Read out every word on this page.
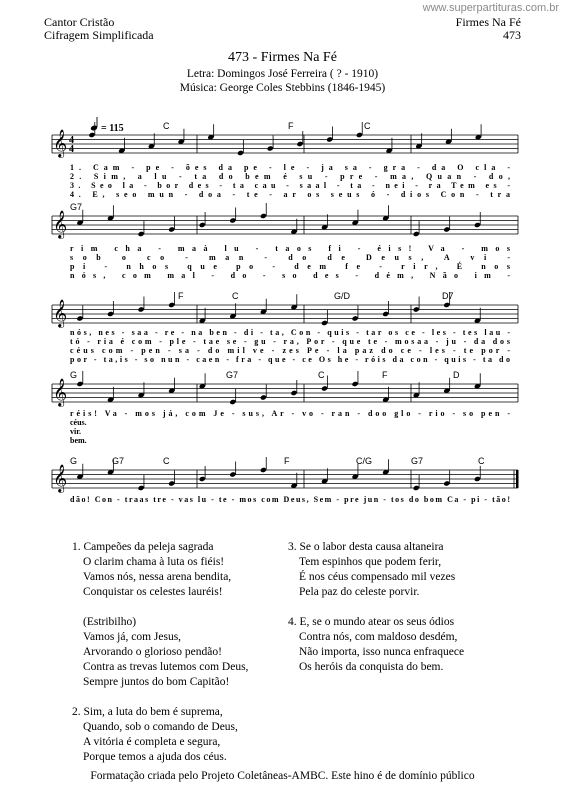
www.superpartituras.com.br
Cantor Cristão
Cifragem Simplificada
Firmes Na Fé
473
473 - Firmes Na Fé
Letra: Domingos José Ferreira ( ? - 1910)
Música: George Coles Stebbins (1846-1945)
= 115
𝄞 4
4
C	F	C
1. Cam - pe - ões da pe - le - ja sa - gra - da O cla -
2. Sim, a lu - ta do bem é su - pre - ma, Quan - do,
3. Seo la - bor des - ta cau - saal - ta - nei - ra Tem es -
4. E, seo mun - doa - te - ar os seus ó - dios Con - tra
𝄞
G7
rim cha - maà lu - taos fi - éis! Va - mos
sob o co - man - do de Deus, A vi -
pi - nhos que po - dem fe - rir, É nos
nós, com mal - do - so des - dém, Não im -
𝄞
F	C	G/D	D7
nós, nes - saa - re - na ben - di - ta, Con - quis - tar os ce - les - tes lau -
tó - ria é com - ple - tae se - gu - ra, Por - que te - mosaa - ju - da dos
céus com - pen - sa - do mil ve - zes Pe - la paz do ce - les - te por -
por - ta,is - so nun - caen - fra - que - ce Os he - róis da con - quis - ta do
𝄞
G	G7	C	F	D
réis! Va - mos já, com Je - sus, Ar - vo - ran - doo glo - rio - so pen -
céus.
vir.
bem.
𝄞
G	G7	C	F	C/G	G7	C
dão! Con - traas tre - vas lu - te - mos com Deus, Sem - pre jun - tos do bom Ca - pi - tão!
1. Campeões da peleja sagrada
O clarim chama à luta os fiéis!
Vamos nós, nessa arena bendita,
Conquistar os celestes lauréis!
(Estribilho)
Vamos já, com Jesus,
Arvorando o glorioso pendão!
Contra as trevas lutemos com Deus,
Sempre juntos do bom Capitão!
2. Sim, a luta do bem é suprema,
Quando, sob o comando de Deus,
A vitória é completa e segura,
Porque temos a ajuda dos céus.
3. Se o labor desta causa altaneira
Tem espinhos que podem ferir,
É nos céus compensado mil vezes
Pela paz do celeste porvir.
4. E, se o mundo atear os seus ódios
Contra nós, com maldoso desdém,
Não importa, isso nunca enfraquece
Os heróis da conquista do bem.
Formatação criada pelo Projeto Coletâneas-AMBC. Este hino é de domínio público
